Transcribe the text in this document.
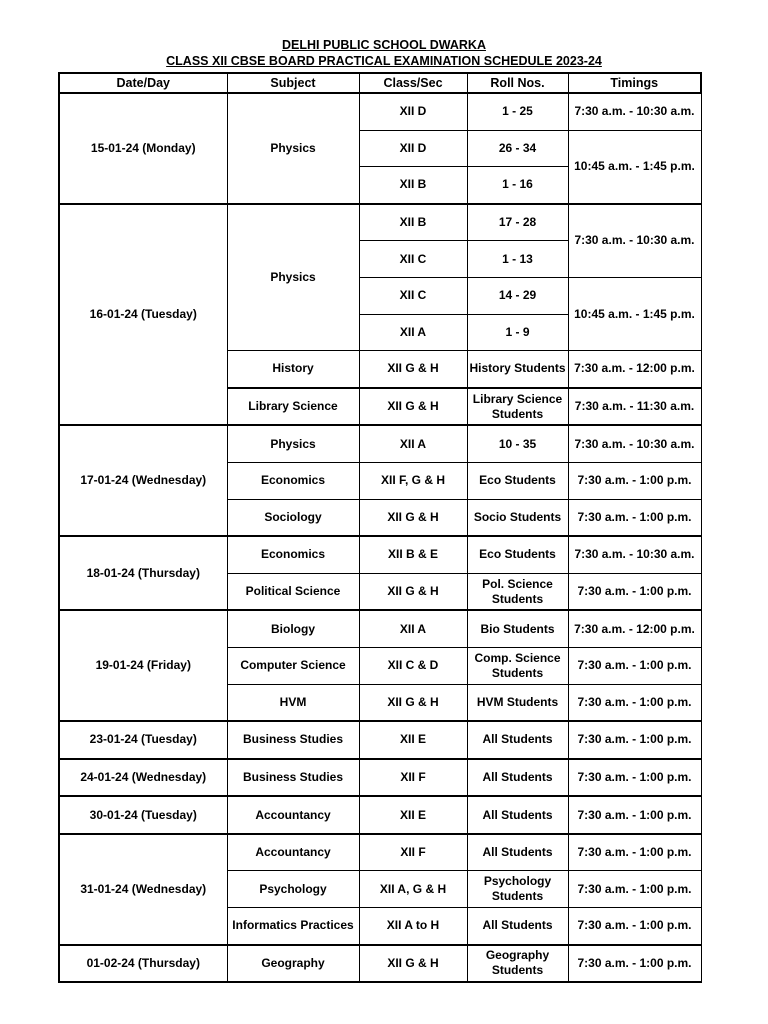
DELHI PUBLIC SCHOOL DWARKA
CLASS XII CBSE BOARD PRACTICAL EXAMINATION SCHEDULE 2023-24
Date/Day	Subject	Class/Sec	Roll Nos.	Timings
15-01-24 (Monday)	Physics	XII D	1 - 25	7:30 a.m. - 10:30 a.m.
		XII D	26 - 34	10:45 a.m. - 1:45 p.m.
		XII B	1 - 16	
16-01-24 (Tuesday)	Physics	XII B	17 - 28	7:30 a.m. - 10:30 a.m.
		XII C	1 - 13	
		XII C	14 - 29	10:45 a.m. - 1:45 p.m.
		XII A	1 - 9	
	History	XII G & H	History Students	7:30 a.m. - 12:00 p.m.
	Library Science	XII G & H	Library Science Students	7:30 a.m. - 11:30 a.m.
17-01-24 (Wednesday)	Physics	XII A	10 - 35	7:30 a.m. - 10:30 a.m.
	Economics	XII F, G & H	Eco Students	7:30 a.m. - 1:00 p.m.
	Sociology	XII G & H	Socio Students	7:30 a.m. - 1:00 p.m.
18-01-24 (Thursday)	Economics	XII B & E	Eco Students	7:30 a.m. - 10:30 a.m.
	Political Science	XII G & H	Pol. Science Students	7:30 a.m. - 1:00 p.m.
19-01-24 (Friday)	Biology	XII A	Bio Students	7:30 a.m. - 12:00 p.m.
	Computer Science	XII C & D	Comp. Science Students	7:30 a.m. - 1:00 p.m.
	HVM	XII G & H	HVM Students	7:30 a.m. - 1:00 p.m.
23-01-24 (Tuesday)	Business Studies	XII E	All Students	7:30 a.m. - 1:00 p.m.
24-01-24 (Wednesday)	Business Studies	XII F	All Students	7:30 a.m. - 1:00 p.m.
30-01-24 (Tuesday)	Accountancy	XII E	All Students	7:30 a.m. - 1:00 p.m.
31-01-24 (Wednesday)	Accountancy	XII F	All Students	7:30 a.m. - 1:00 p.m.
	Psychology	XII A, G & H	Psychology Students	7:30 a.m. - 1:00 p.m.
	Informatics Practices	XII A to H	All Students	7:30 a.m. - 1:00 p.m.
01-02-24 (Thursday)	Geography	XII G & H	Geography Students	7:30 a.m. - 1:00 p.m.
